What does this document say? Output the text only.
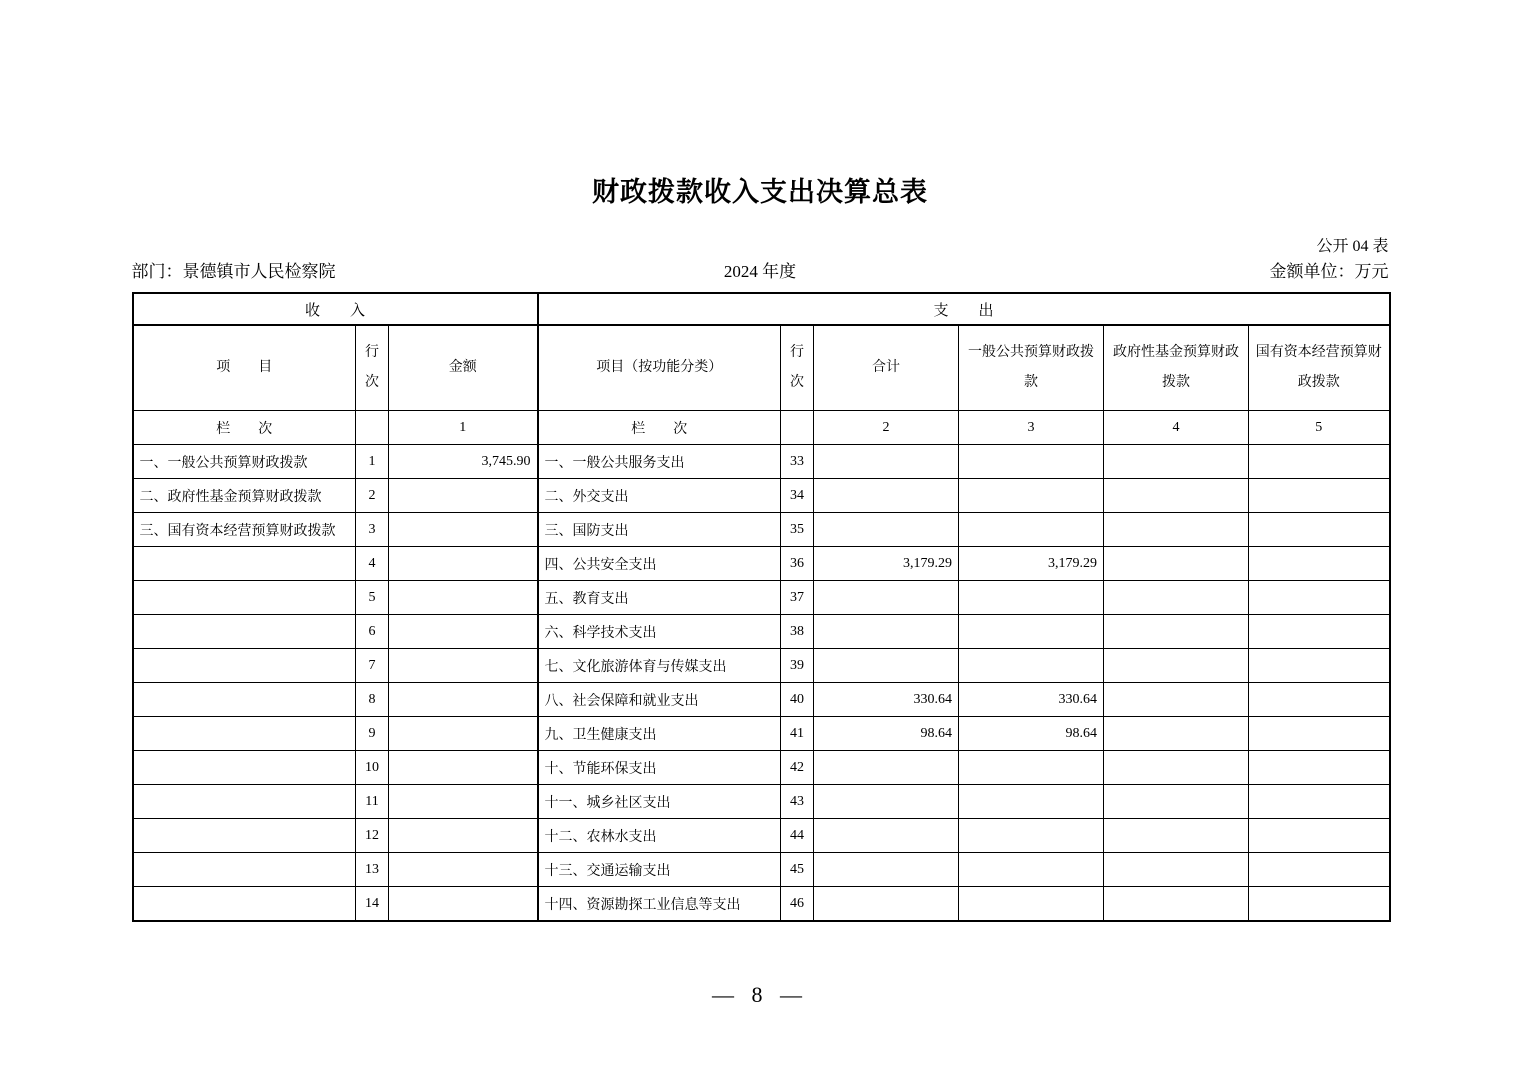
财政拨款收入支出决算总表
公开 04 表
部门：景德镇市人民检察院	2024 年度	金额单位：万元
收　　入			支　　出					
项　　目	行次	金额	项目（按功能分类）	行次	合计	一般公共预算财政拨款	政府性基金预算财政拨款	国有资本经营预算财政拨款
栏　　次		1	栏　　次		2	3	4	5
一、一般公共预算财政拨款	1	3,745.90	一、一般公共服务支出	33				
二、政府性基金预算财政拨款	2		二、外交支出	34				
三、国有资本经营预算财政拨款	3		三、国防支出	35				
	4		四、公共安全支出	36	3,179.29	3,179.29		
	5		五、教育支出	37				
	6		六、科学技术支出	38				
	7		七、文化旅游体育与传媒支出	39				
	8		八、社会保障和就业支出	40	330.64	330.64		
	9		九、卫生健康支出	41	98.64	98.64		
	10		十、节能环保支出	42				
	11		十一、城乡社区支出	43				
	12		十二、农林水支出	44				
	13		十三、交通运输支出	45				
	14		十四、资源勘探工业信息等支出	46				
— 8 —
